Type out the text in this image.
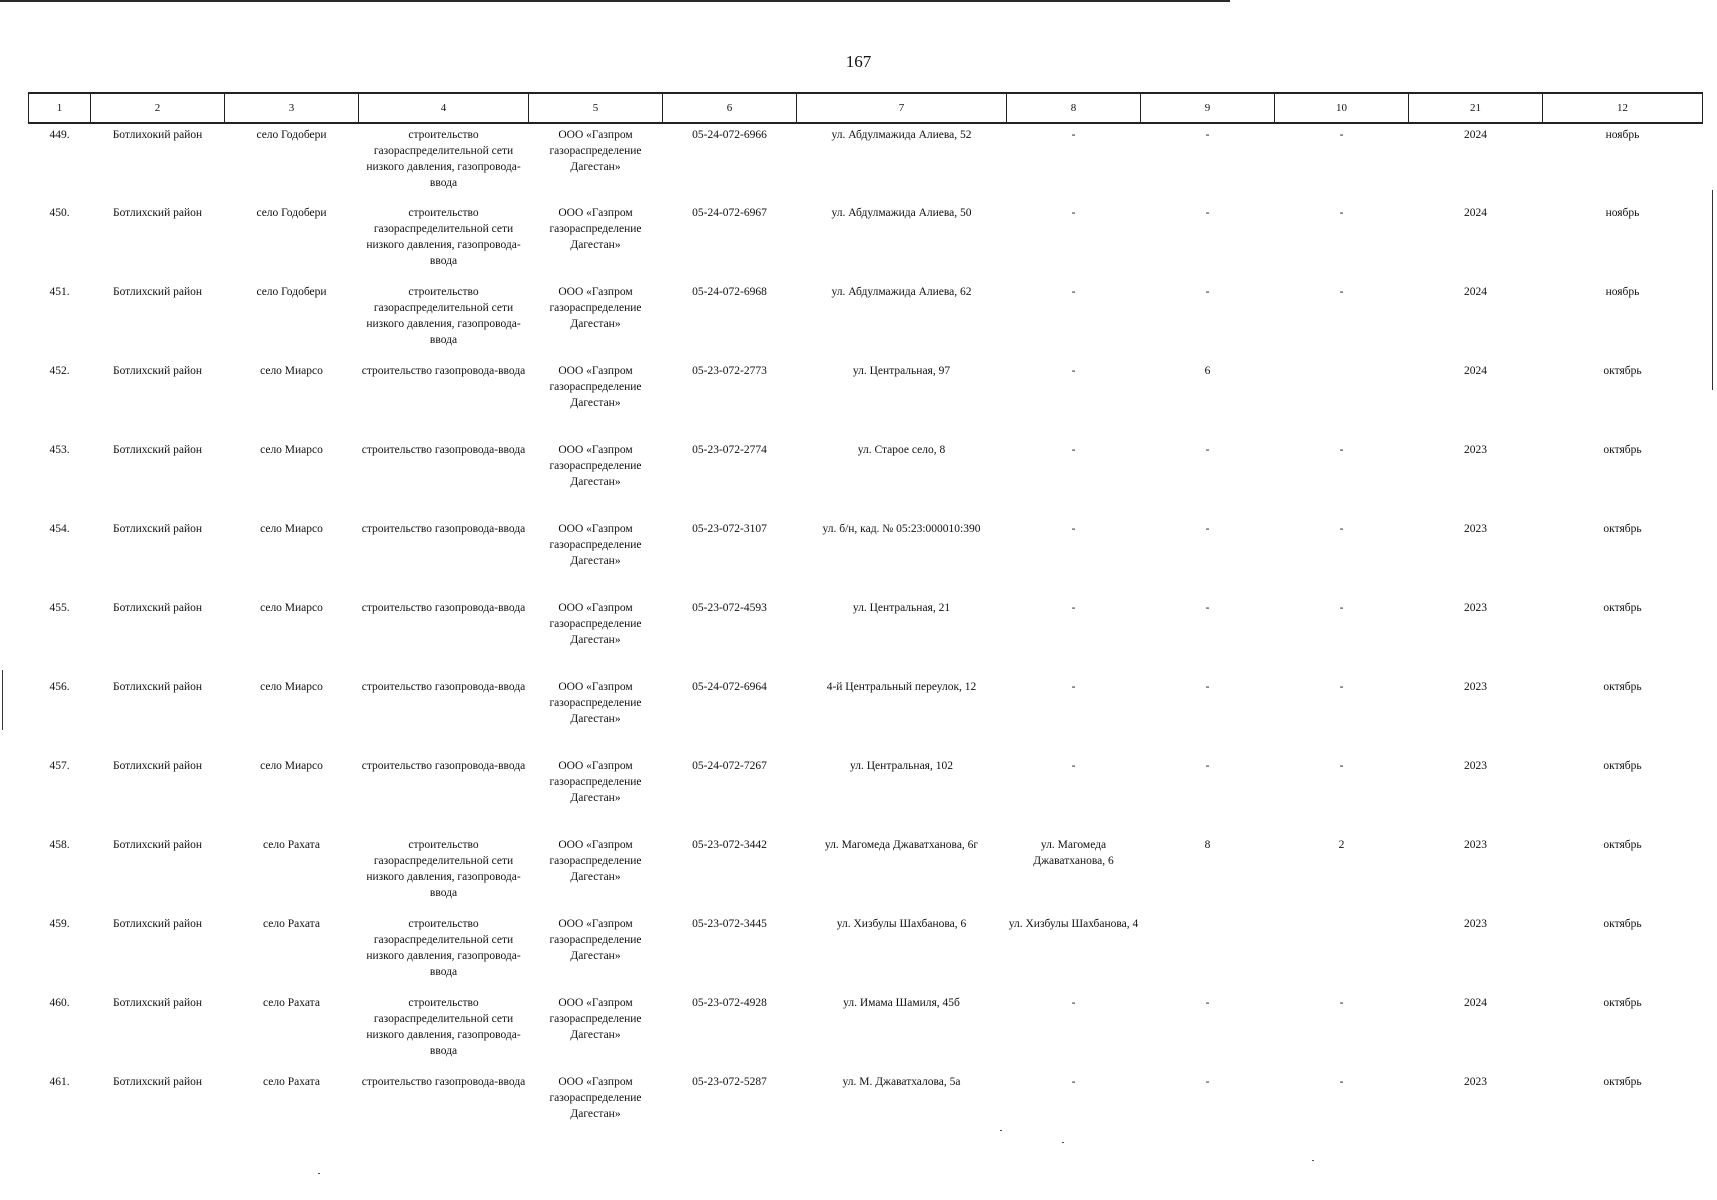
167
1	2	3	4	5	6	7	8	9	10	21	12
449.	Ботлихокий район	село Годобери	строительство газораспределительной сети низкого давления, газопровода-ввода	ООО «Газпром газораспределение Дагестан»	05-24-072-6966	ул. Абдулмажида Алиева, 52	-	-	-	2024	ноябрь
450.	Ботлихский район	село Годобери	строительство газораспределительной сети низкого давления, газопровода-ввода	ООО «Газпром газораспределение Дагестан»	05-24-072-6967	ул. Абдулмажида Алиева, 50	-	-	-	2024	ноябрь
451.	Ботлихский район	село Годобери	строительство газораспределительной сети низкого давления, газопровода-ввода	ООО «Газпром газораспределение Дагестан»	05-24-072-6968	ул. Абдулмажида Алиева, 62	-	-	-	2024	ноябрь
452.	Ботлихский район	село Миарсо	строительство газопровода-ввода	ООО «Газпром газораспределение Дагестан»	05-23-072-2773	ул. Центральная, 97	-	6		2024	октябрь
453.	Ботлихский район	село Миарсо	строительство газопровода-ввода	ООО «Газпром газораспределение Дагестан»	05-23-072-2774	ул. Старое село, 8	-	-	-	2023	октябрь
454.	Ботлихский район	село Миарсо	строительство газопровода-ввода	ООО «Газпром газораспределение Дагестан»	05-23-072-3107	ул. б/н, кад. № 05:23:000010:390	-	-	-	2023	октябрь
455.	Ботлихский район	село Миарсо	строительство газопровода-ввода	ООО «Газпром газораспределение Дагестан»	05-23-072-4593	ул. Центральная, 21	-	-	-	2023	октябрь
456.	Ботлихский район	село Миарсо	строительство газопровода-ввода	ООО «Газпром газораспределение Дагестан»	05-24-072-6964	4-й Центральный переулок, 12	-	-	-	2023	октябрь
457.	Ботлихский район	село Миарсо	строительство газопровода-ввода	ООО «Газпром газораспределение Дагестан»	05-24-072-7267	ул. Центральная, 102	-	-	-	2023	октябрь
458.	Ботлихский район	село Рахата	строительство газораспределительной сети низкого давления, газопровода-ввода	ООО «Газпром газораспределение Дагестан»	05-23-072-3442	ул. Магомеда Джаватханова, 6г	ул. Магомеда Джаватханова, 6	8	2	2023	октябрь
459.	Ботлихский район	село Рахата	строительство газораспределительной сети низкого давления, газопровода-ввода	ООО «Газпром газораспределение Дагестан»	05-23-072-3445	ул. Хизбулы Шахбанова, 6	ул. Хизбулы Шахбанова, 4			2023	октябрь
460.	Ботлихский район	село Рахата	строительство газораспределительной сети низкого давления, газопровода-ввода	ООО «Газпром газораспределение Дагестан»	05-23-072-4928	ул. Имама Шамиля, 45б	-	-	-	2024	октябрь
461.	Ботлихский район	село Рахата	строительство газопровода-ввода	ООО «Газпром газораспределение Дагестан»	05-23-072-5287	ул. М. Джаватхалова, 5а	-	-	-	2023	октябрь
